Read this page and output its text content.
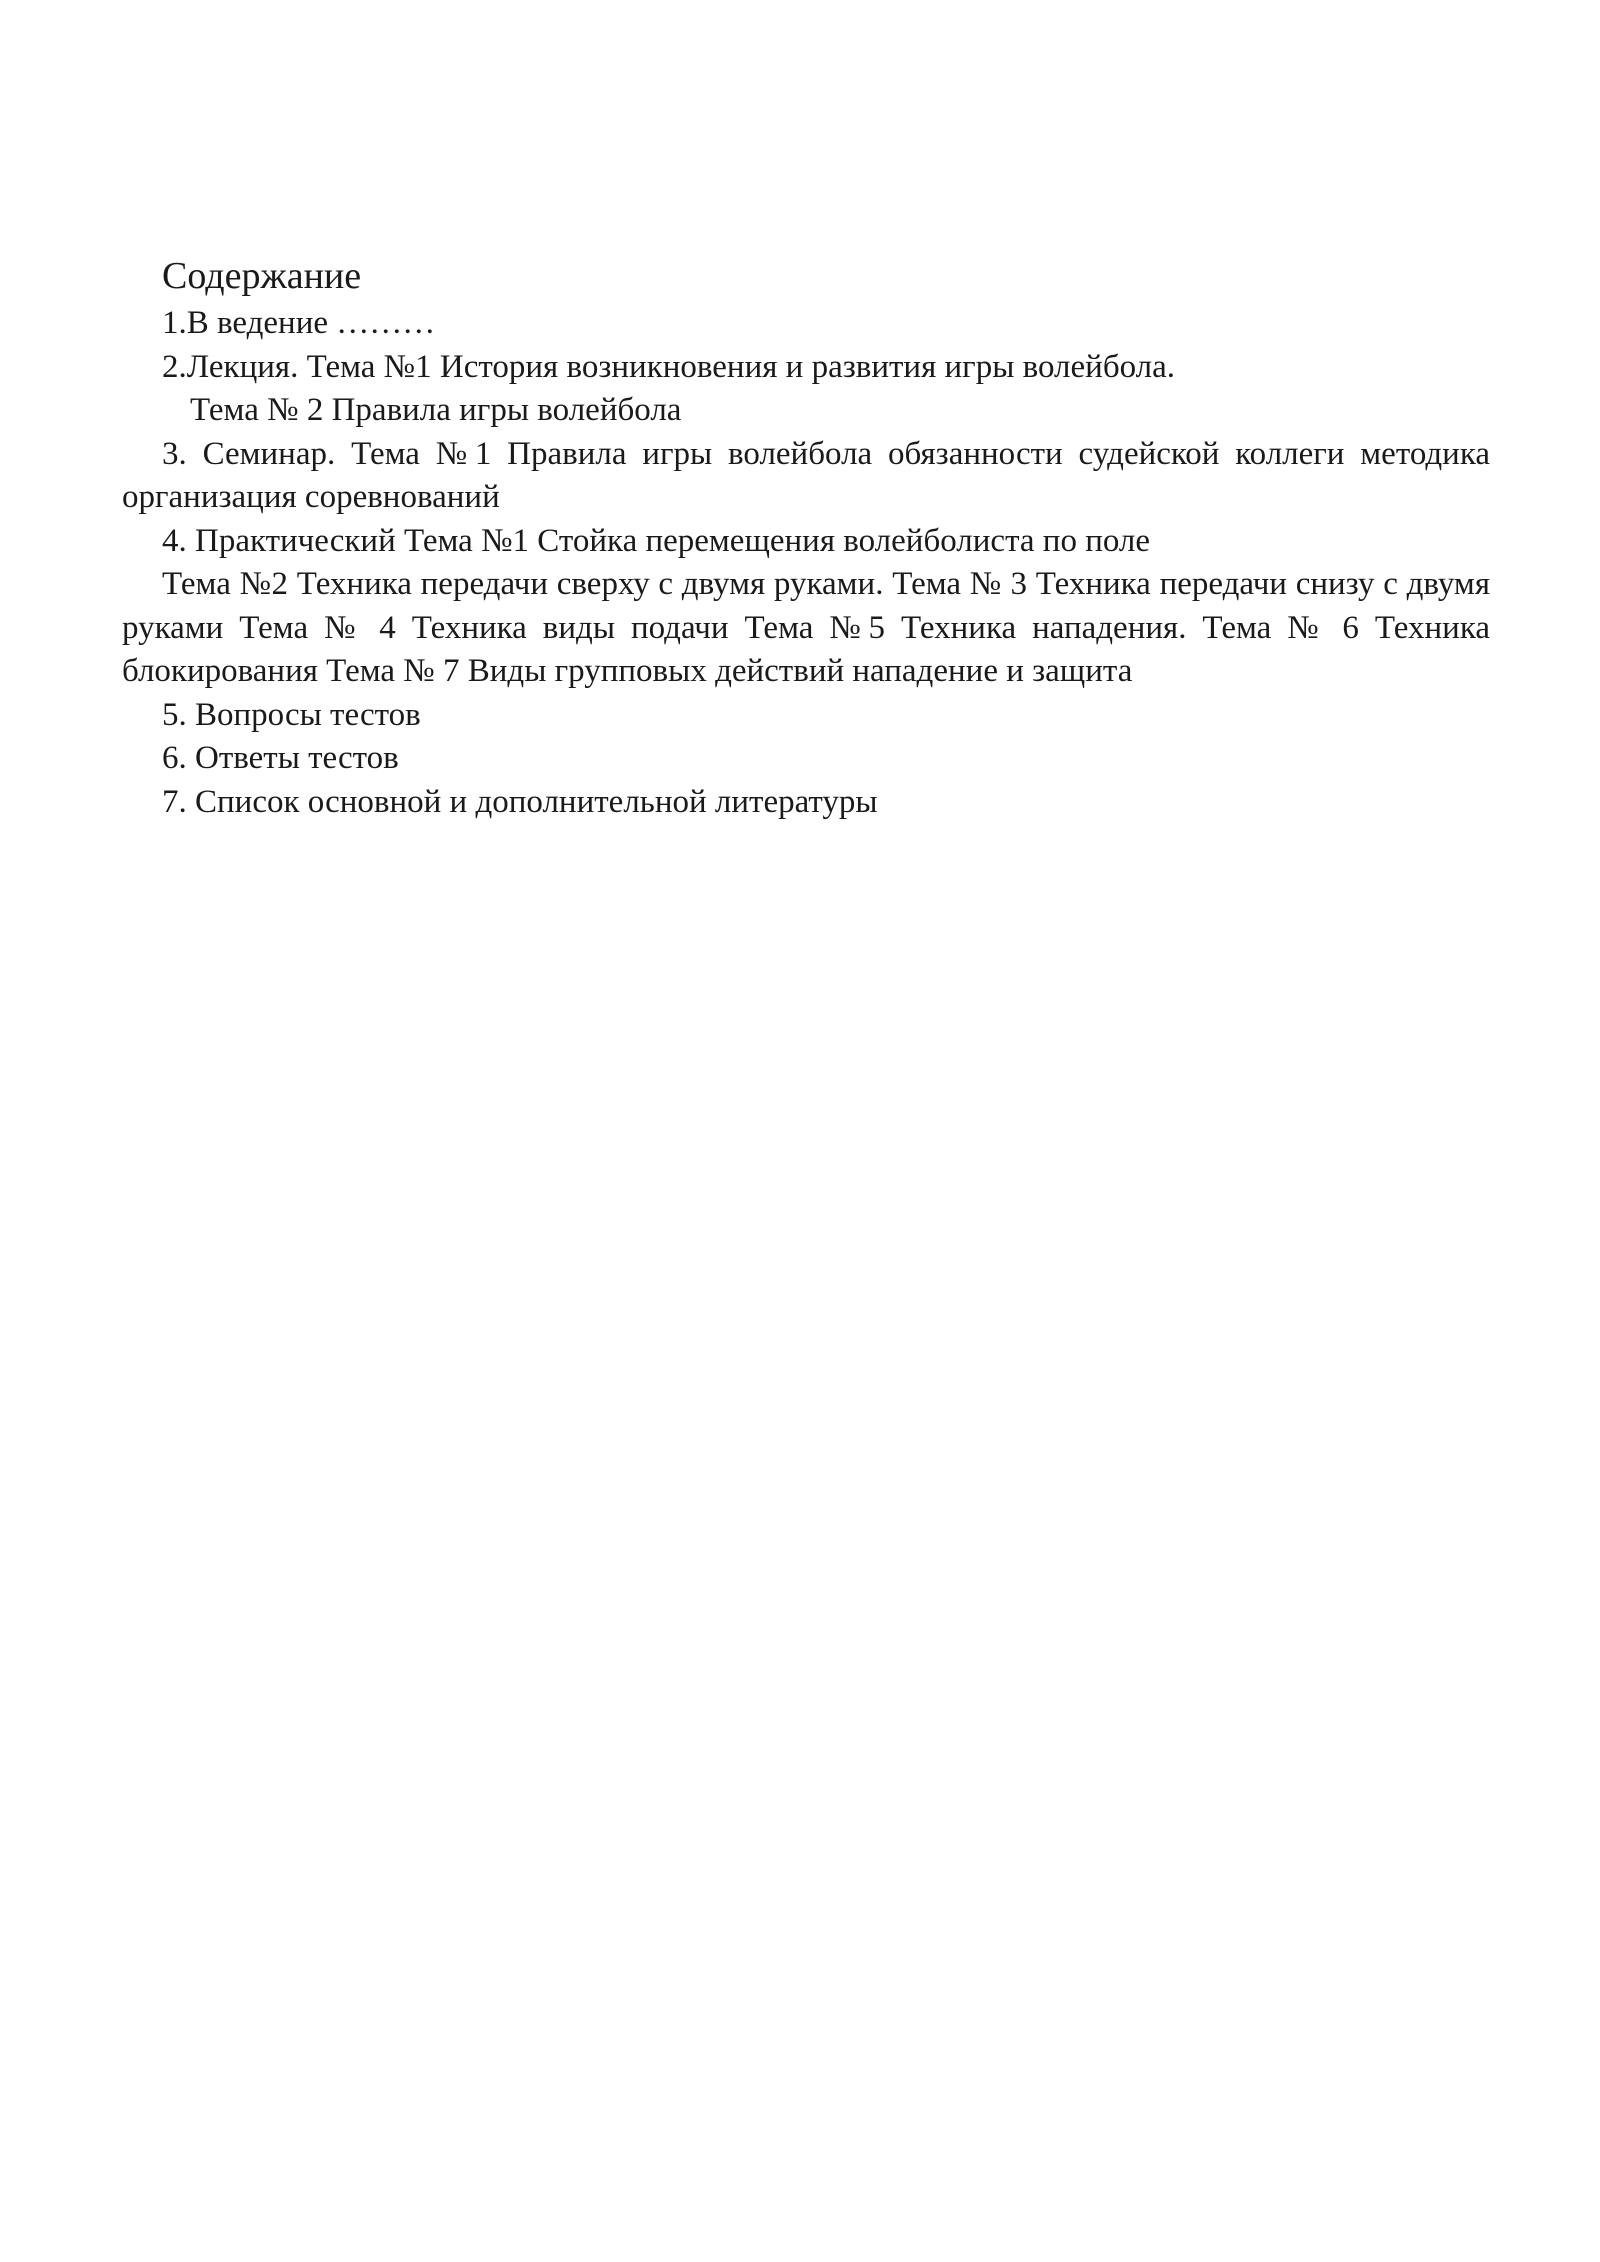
Содержание

1.В ведение ………

2.Лекция. Тема №1 История возникновения и развития игры волейбола.

Тема № 2 Правила игры волейбола

3. Семинар. Тема №1 Правила игры волейбола обязанности судейской коллеги методика организация соревнований

4. Практический Тема №1 Стойка перемещения волейболиста по поле

Тема №2 Техника передачи сверху с двумя руками. Тема № 3 Техника передачи снизу с двумя руками Тема № 4 Техника виды подачи Тема №5 Техника нападения. Тема № 6 Техника блокирования Тема № 7 Виды групповых действий нападение и защита

5. Вопросы тестов

6. Ответы тестов

7. Список основной и дополнительной литературы
